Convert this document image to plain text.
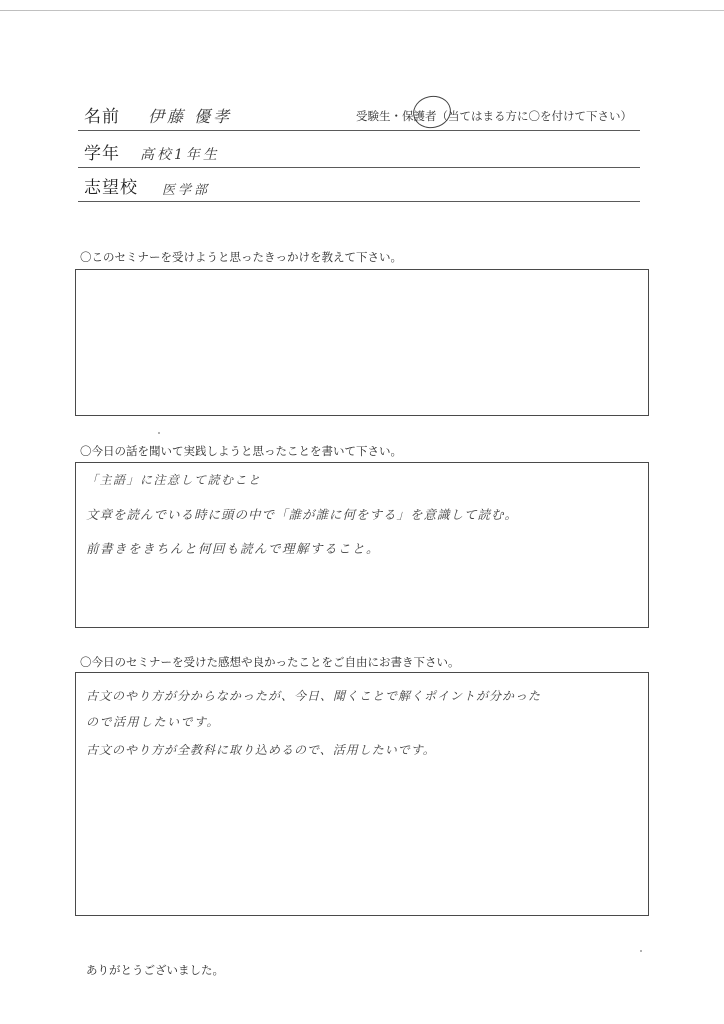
名前 伊藤 優孝	受験生・保護者（当てはまる方に〇を付けて下さい）
学年 高校1年生
志望校 医学部
〇このセミナーを受けようと思ったきっかけを教えて下さい。
〇今日の話を聞いて実践しようと思ったことを書いて下さい。
「主語」に注意して読むこと
文章を読んでいる時に頭の中で「誰が誰に何をする」を意識して読む。
前書きをきちんと何回も読んで理解すること。
〇今日のセミナーを受けた感想や良かったことをご自由にお書き下さい。
古文のやり方が分からなかったが、今日、聞くことで解くポイントが分かった
ので活用したいです。
古文のやり方が全教科に取り込めるので、活用したいです。
ありがとうございました。
